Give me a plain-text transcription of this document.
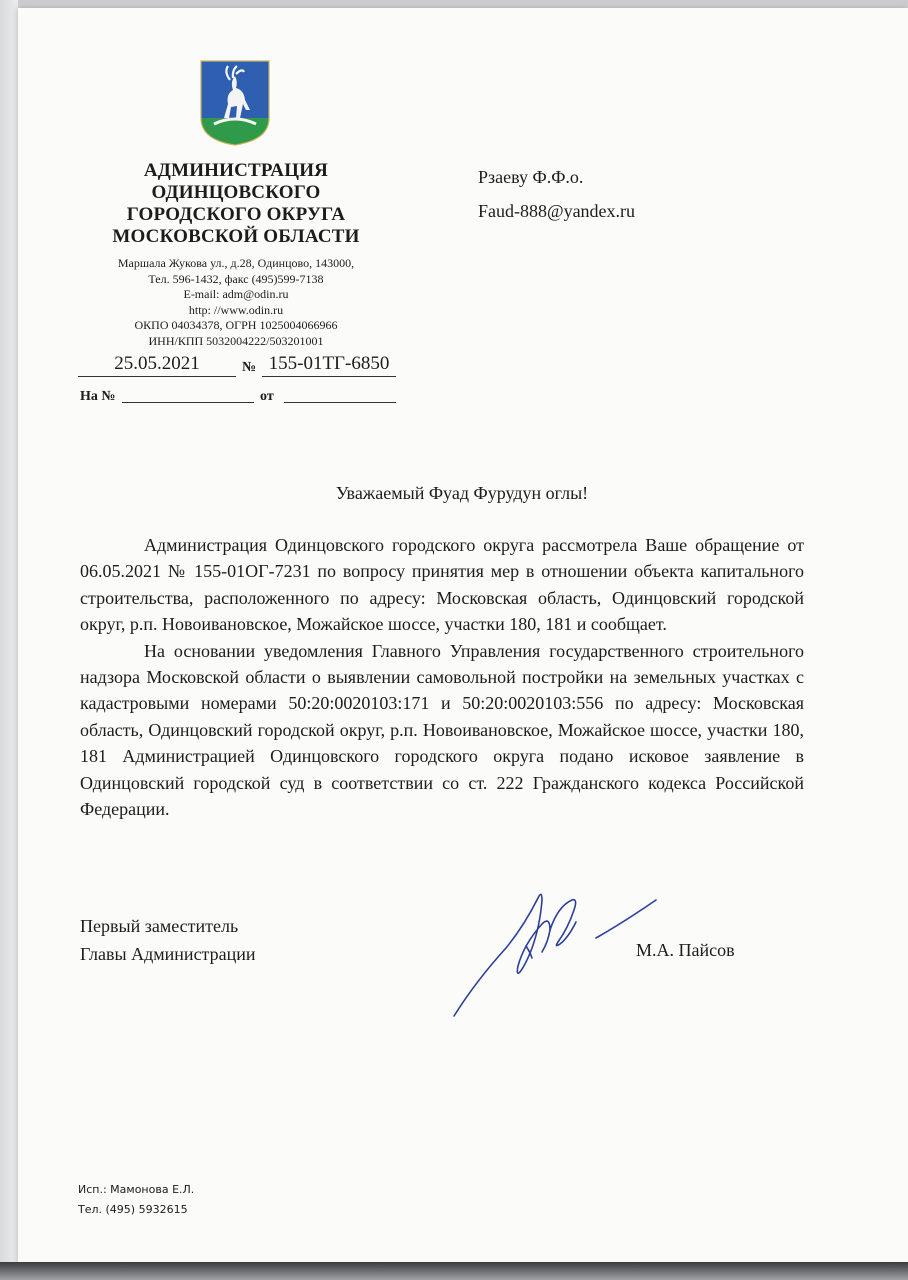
АДМИНИСТРАЦИЯ
ОДИНЦОВСКОГО
ГОРОДСКОГО ОКРУГА
МОСКОВСКОЙ ОБЛАСТИ
Маршала Жукова ул., д.28, Одинцово, 143000,
Тел. 596-1432, факс (495)599-7138
E-mail: adm@odin.ru
http: //www.odin.ru
ОКПО 04034378, ОГРН 1025004066966
ИНН/КПП 5032004222/503201001
25.05.2021	№ 155-01ТГ-6850
На №	от
Рзаеву Ф.Ф.о.
Faud-888@yandex.ru
Уважаемый Фуад Фурудун оглы!

Администрация Одинцовского городского округа рассмотрела Ваше обращение от 06.05.2021 № 155-01ОГ-7231 по вопросу принятия мер в отношении объекта капитального строительства, расположенного по адресу: Московская область, Одинцовский городской округ, р.п. Новоивановское, Можайское шоссе, участки 180, 181 и сообщает.

На основании уведомления Главного Управления государственного строительного надзора Московской области о выявлении самовольной постройки на земельных участках с кадастровыми номерами 50:20:0020103:171 и 50:20:0020103:556 по адресу: Московская область, Одинцовский городской округ, р.п. Новоивановское, Можайское шоссе, участки 180, 181 Администрацией Одинцовского городского округа подано исковое заявление в Одинцовский городской суд в соответствии со ст. 222 Гражданского кодекса Российской Федерации.

Первый заместитель
Главы Администрации	М.А. Пайсов
Исп.: Мамонова Е.Л.
Тел. (495) 5932615
